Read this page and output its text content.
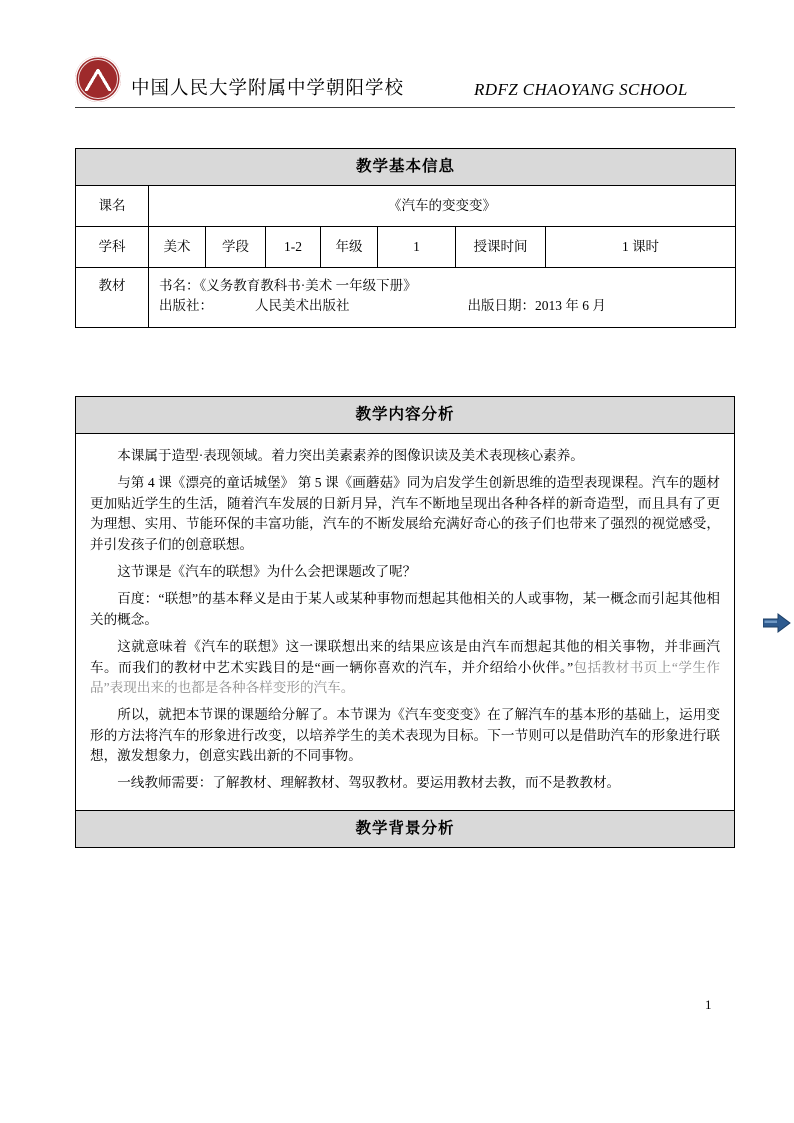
中国人民大学附属中学朝阳学校	RDFZ CHAOYANG SCHOOL
教学基本信息							
课名	《汽车的变变变》						
学科	美术	学段	1-2	年级	1	授课时间	1 课时
教材	书名：《义务教育教科书·美术 一年级下册》
出版社： 人民美术出版社 出版日期：2013 年 6 月						
教学内容分析

本课属于造型·表现领域。着力突出美素素养的图像识读及美术表现核心素养。

与第 4 课《漂亮的童话城堡》 第 5 课《画蘑菇》同为启发学生创新思维的造型表现课程。汽车的题材更加贴近学生的生活，随着汽车发展的日新月异，汽车不断地呈现出各种各样的新奇造型，而且具有了更为理想、实用、节能环保的丰富功能，汽车的不断发展给充满好奇心的孩子们也带来了强烈的视觉感受，并引发孩子们的创意联想。

这节课是《汽车的联想》为什么会把课题改了呢？

百度：“联想”的基本释义是由于某人或某种事物而想起其他相关的人或事物，某一概念而引起其他相关的概念。

这就意味着《汽车的联想》这一课联想出来的结果应该是由汽车而想起其他的相关事物，并非画汽车。而我们的教材中艺术实践目的是“画一辆你喜欢的汽车，并介绍给小伙伴。”包括教材书页上“学生作品”表现出来的也都是各种各样变形的汽车。

所以，就把本节课的课题给分解了。本节课为《汽车变变变》在了解汽车的基本形的基础上，运用变形的方法将汽车的形象进行改变，以培养学生的美术表现为目标。下一节则可以是借助汽车的形象进行联想，激发想象力，创意实践出新的不同事物。

一线教师需要：了解教材、理解教材、驾驭教材。要运用教材去教，而不是教教材。

教学背景分析
1
